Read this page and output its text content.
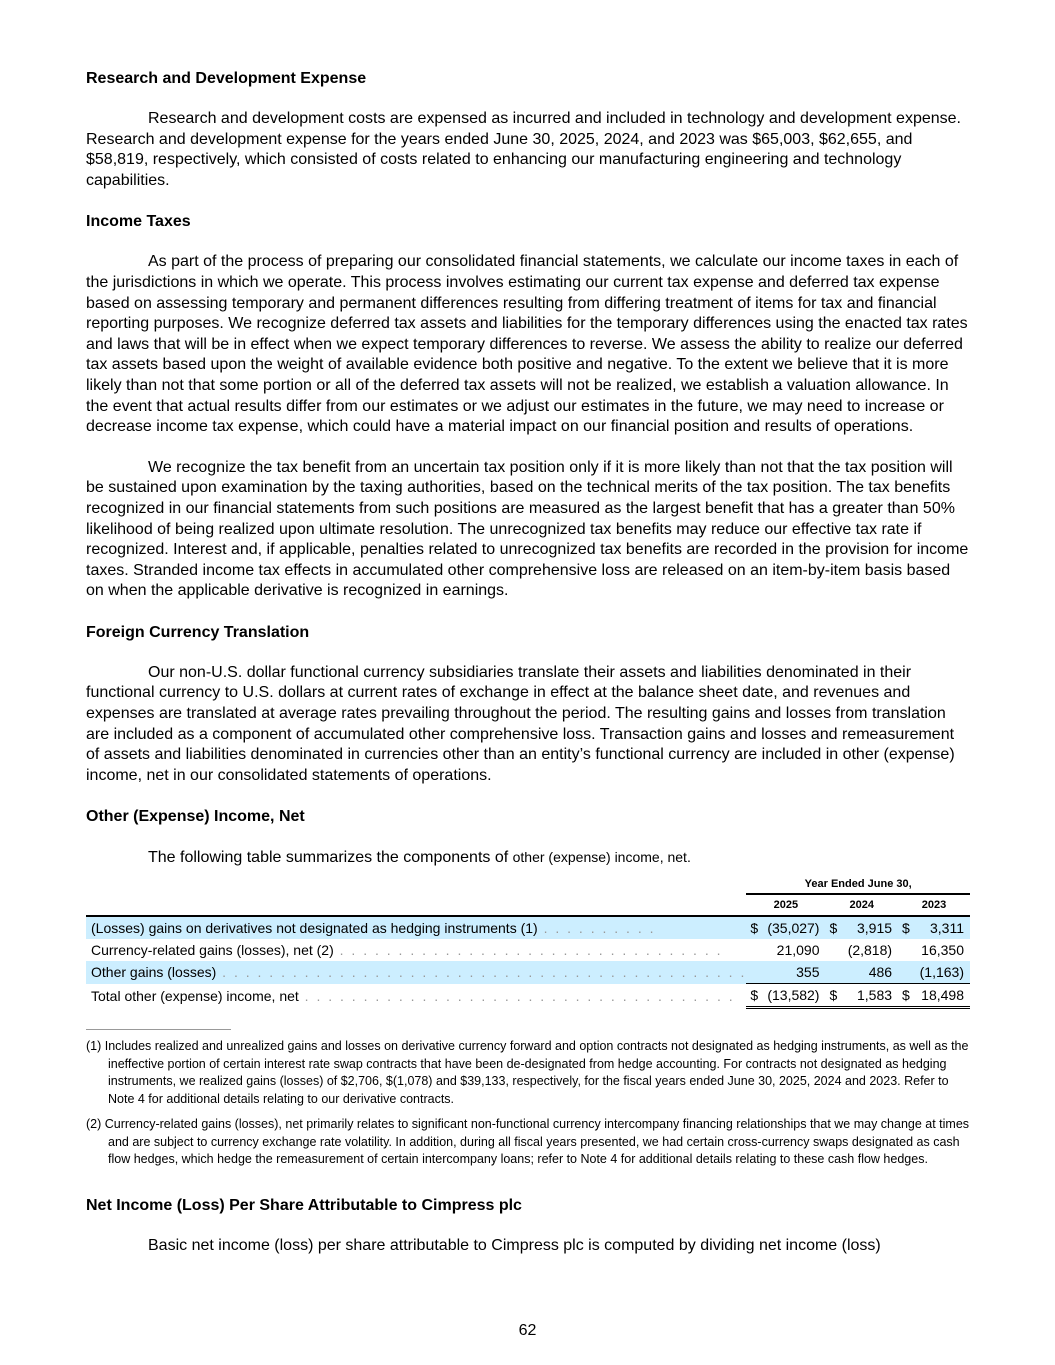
Research and Development Expense

Research and development costs are expensed as incurred and included in technology and development expense. Research and development expense for the years ended June 30, 2025, 2024, and 2023 was $65,003, $62,655, and $58,819, respectively, which consisted of costs related to enhancing our manufacturing engineering and technology capabilities.

Income Taxes

As part of the process of preparing our consolidated financial statements, we calculate our income taxes in each of the jurisdictions in which we operate. This process involves estimating our current tax expense and deferred tax expense based on assessing temporary and permanent differences resulting from differing treatment of items for tax and financial reporting purposes. We recognize deferred tax assets and liabilities for the temporary differences using the enacted tax rates and laws that will be in effect when we expect temporary differences to reverse. We assess the ability to realize our deferred tax assets based upon the weight of available evidence both positive and negative. To the extent we believe that it is more likely than not that some portion or all of the deferred tax assets will not be realized, we establish a valuation allowance. In the event that actual results differ from our estimates or we adjust our estimates in the future, we may need to increase or decrease income tax expense, which could have a material impact on our financial position and results of operations.

We recognize the tax benefit from an uncertain tax position only if it is more likely than not that the tax position will be sustained upon examination by the taxing authorities, based on the technical merits of the tax position. The tax benefits recognized in our financial statements from such positions are measured as the largest benefit that has a greater than 50% likelihood of being realized upon ultimate resolution. The unrecognized tax benefits may reduce our effective tax rate if recognized. Interest and, if applicable, penalties related to unrecognized tax benefits are recorded in the provision for income taxes. Stranded income tax effects in accumulated other comprehensive loss are released on an item-by-item basis based on when the applicable derivative is recognized in earnings.

Foreign Currency Translation

Our non-U.S. dollar functional currency subsidiaries translate their assets and liabilities denominated in their functional currency to U.S. dollars at current rates of exchange in effect at the balance sheet date, and revenues and expenses are translated at average rates prevailing throughout the period. The resulting gains and losses from translation are included as a component of accumulated other comprehensive loss. Transaction gains and losses and remeasurement of assets and liabilities denominated in currencies other than an entity’s functional currency are included in other (expense) income, net in our consolidated statements of operations.

Other (Expense) Income, Net

The following table summarizes the components of other (expense) income, net.

	Year Ended June 30,					
	2025		2024		2023	
(Losses) gains on derivatives not designated as hedging instruments (1) . . . . . . . . . .	$	(35,027)	$	3,915	$	3,311
Currency-related gains (losses), net (2) . . . . . . . . . . . . . . . . . . . . . . . . . . . . . . . . .		21,090		(2,818)		16,350
Other gains (losses) . . . . . . . . . . . . . . . . . . . . . . . . . . . . . . . . . . . . . . . . . . . . .		355		486		(1,163)
Total other (expense) income, net . . . . . . . . . . . . . . . . . . . . . . . . . . . . . . . . . . . . .	$	(13,582)	$	1,583	$	18,498

(1) Includes realized and unrealized gains and losses on derivative currency forward and option contracts not designated as hedging instruments, as well as the ineffective portion of certain interest rate swap contracts that have been de-designated from hedge accounting. For contracts not designated as hedging instruments, we realized gains (losses) of $2,706, $(1,078) and $39,133, respectively, for the fiscal years ended June 30, 2025, 2024 and 2023. Refer to Note 4 for additional details relating to our derivative contracts.

(2) Currency-related gains (losses), net primarily relates to significant non-functional currency intercompany financing relationships that we may change at times and are subject to currency exchange rate volatility. In addition, during all fiscal years presented, we had certain cross-currency swaps designated as cash flow hedges, which hedge the remeasurement of certain intercompany loans; refer to Note 4 for additional details relating to these cash flow hedges.

Net Income (Loss) Per Share Attributable to Cimpress plc

Basic net income (loss) per share attributable to Cimpress plc is computed by dividing net income (loss)

62
